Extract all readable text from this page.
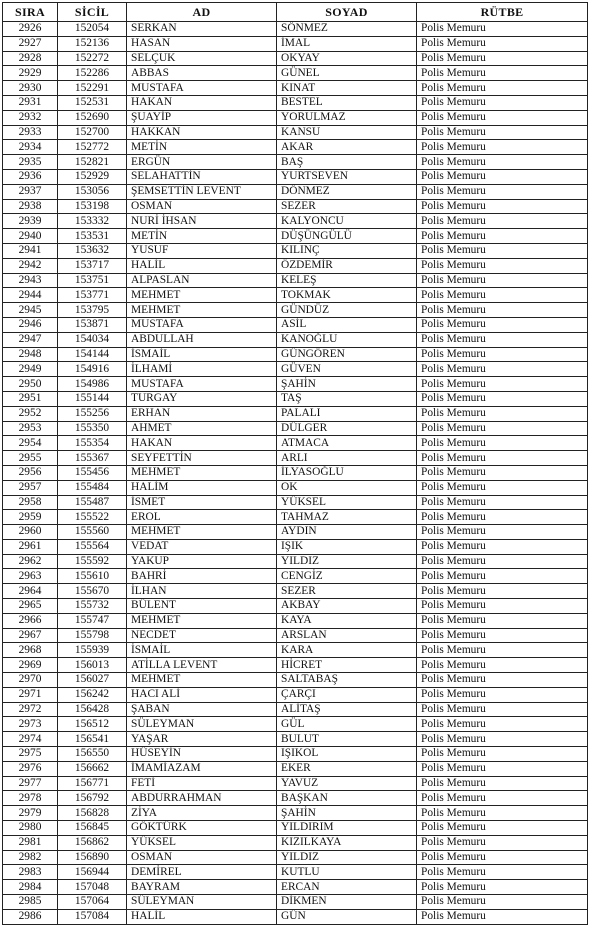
SIRA	SİCİL	AD	SOYAD	RÜTBE
2926	152054	SERKAN	SÖNMEZ	Polis Memuru
2927	152136	HASAN	İMAL	Polis Memuru
2928	152272	SELÇUK	OKYAY	Polis Memuru
2929	152286	ABBAS	GÜNEL	Polis Memuru
2930	152291	MUSTAFA	KINAT	Polis Memuru
2931	152531	HAKAN	BESTEL	Polis Memuru
2932	152690	ŞUAYİP	YORULMAZ	Polis Memuru
2933	152700	HAKKAN	KANSU	Polis Memuru
2934	152772	METİN	AKAR	Polis Memuru
2935	152821	ERGÜN	BAŞ	Polis Memuru
2936	152929	SELAHATTİN	YURTSEVEN	Polis Memuru
2937	153056	ŞEMSETTİN LEVENT	DÖNMEZ	Polis Memuru
2938	153198	OSMAN	SEZER	Polis Memuru
2939	153332	NURİ İHSAN	KALYONCU	Polis Memuru
2940	153531	METİN	DÜŞÜNGÜLÜ	Polis Memuru
2941	153632	YUSUF	KILINÇ	Polis Memuru
2942	153717	HALİL	ÖZDEMİR	Polis Memuru
2943	153751	ALPASLAN	KELEŞ	Polis Memuru
2944	153771	MEHMET	TOKMAK	Polis Memuru
2945	153795	MEHMET	GÜNDÜZ	Polis Memuru
2946	153871	MUSTAFA	ASİL	Polis Memuru
2947	154034	ABDULLAH	KANOĞLU	Polis Memuru
2948	154144	İSMAİL	GÜNGÖREN	Polis Memuru
2949	154916	İLHAMİ	GÜVEN	Polis Memuru
2950	154986	MUSTAFA	ŞAHİN	Polis Memuru
2951	155144	TURGAY	TAŞ	Polis Memuru
2952	155256	ERHAN	PALALI	Polis Memuru
2953	155350	AHMET	DÜLGER	Polis Memuru
2954	155354	HAKAN	ATMACA	Polis Memuru
2955	155367	SEYFETTİN	ARLI	Polis Memuru
2956	155456	MEHMET	İLYASOĞLU	Polis Memuru
2957	155484	HALİM	OK	Polis Memuru
2958	155487	İSMET	YÜKSEL	Polis Memuru
2959	155522	EROL	TAHMAZ	Polis Memuru
2960	155560	MEHMET	AYDIN	Polis Memuru
2961	155564	VEDAT	IŞIK	Polis Memuru
2962	155592	YAKUP	YILDIZ	Polis Memuru
2963	155610	BAHRİ	CENGİZ	Polis Memuru
2964	155670	İLHAN	SEZER	Polis Memuru
2965	155732	BÜLENT	AKBAY	Polis Memuru
2966	155747	MEHMET	KAYA	Polis Memuru
2967	155798	NECDET	ARSLAN	Polis Memuru
2968	155939	İSMAİL	KARA	Polis Memuru
2969	156013	ATİLLA LEVENT	HİCRET	Polis Memuru
2970	156027	MEHMET	SALTABAŞ	Polis Memuru
2971	156242	HACI ALİ	ÇARÇI	Polis Memuru
2972	156428	ŞABAN	ALİTAŞ	Polis Memuru
2973	156512	SÜLEYMAN	GÜL	Polis Memuru
2974	156541	YAŞAR	BULUT	Polis Memuru
2975	156550	HÜSEYİN	IŞIKOL	Polis Memuru
2976	156662	İMAMİAZAM	EKER	Polis Memuru
2977	156771	FETİ	YAVUZ	Polis Memuru
2978	156792	ABDURRAHMAN	BAŞKAN	Polis Memuru
2979	156828	ZİYA	ŞAHİN	Polis Memuru
2980	156845	GÖKTÜRK	YILDIRIM	Polis Memuru
2981	156862	YÜKSEL	KIZILKAYA	Polis Memuru
2982	156890	OSMAN	YILDIZ	Polis Memuru
2983	156944	DEMİREL	KUTLU	Polis Memuru
2984	157048	BAYRAM	ERCAN	Polis Memuru
2985	157064	SÜLEYMAN	DİKMEN	Polis Memuru
2986	157084	HALİL	GÜN	Polis Memuru
